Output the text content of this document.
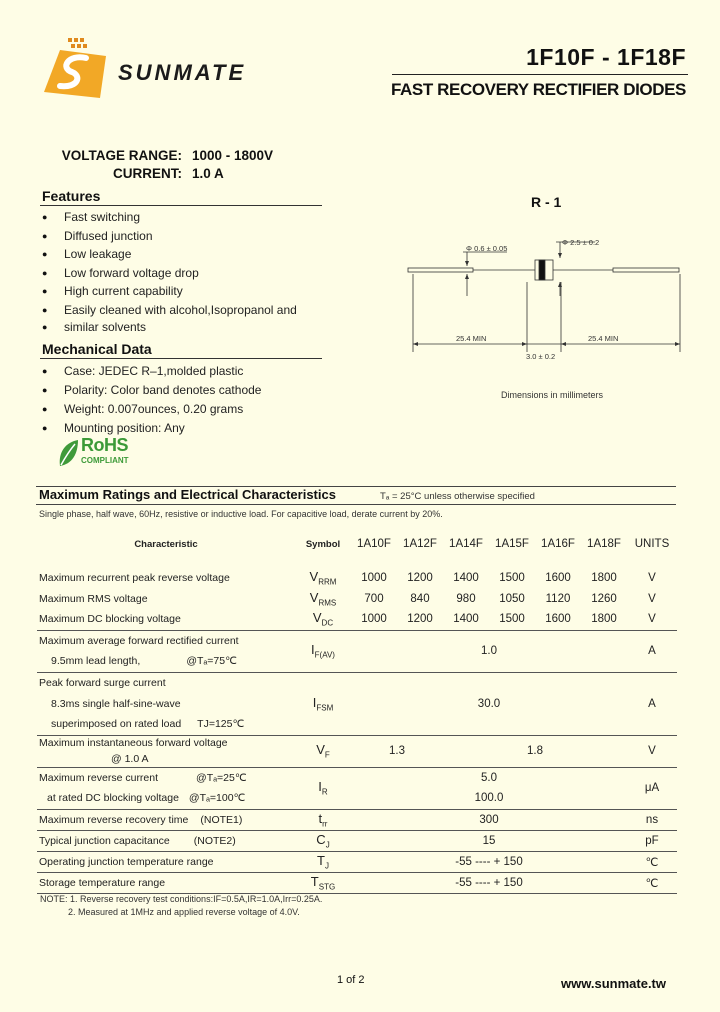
SUNMATE
1F10F - 1F18F
FAST RECOVERY RECTIFIER DIODES
VOLTAGE RANGE: 1000 - 1800V
CURRENT: 1.0 A
Features
● Fast switching
● Diffused junction
● Low leakage
● Low forward voltage drop
● High current capability
● Easily cleaned with alcohol,Isopropanol and
● similar solvents
Mechanical Data
● Case: JEDEC R–1,molded plastic
● Polarity: Color band denotes cathode
● Weight: 0.007ounces, 0.20 grams
● Mounting position: Any
RoHS
COMPLIANT
R - 1
Φ 0.6 ± 0.05
Φ 2.5 ± 0.2
25.4 MIN	25.4 MIN
3.0 ± 0.2
Dimensions in millimeters
Maximum Ratings and Electrical Characteristics	Tₐ = 25°C unless otherwise specified
Single phase, half wave, 60Hz, resistive or inductive load. For capacitive load, derate current by 20%.
Characteristic	Symbol	1A10F	1A12F	1A14F	1A15F	1A16F	1A18F	UNITS

Maximum recurrent peak reverse voltage	$V_{RRM}$	1000	1200	1400	1500	1600	1800	V
Maximum RMS voltage	$V_{RMS}$	700	840	980	1050	1120	1260	V
Maximum DC blocking voltage	$V_{DC}$	1000	1200	1400	1500	1600	1800	V
Maximum average forward rectified current	$I_{F(AV)}$	1.0						A
9.5mm lead length, @Tₐ=75℃								
Peak forward surge current	$I_{FSM}$	30.0						A
8.3ms single half-sine-wave								
superimposed on rated load TJ=125℃								
Maximum instantaneous forward voltage	$V_F$	1.3		1.8				V
@ 1.0 A								
Maximum reverse current @Tₐ=25℃	$I_R$	5.0						μA
at rated DC blocking voltage @Tₐ=100℃		100.0						
Maximum reverse recovery time (NOTE1)	$t_{rr}$	300						ns
Typical junction capacitance (NOTE2)	$C_J$	15						pF
Operating junction temperature range	$T_J$	-55 ---- + 150						℃
Storage temperature range	$T_{STG}$	-55 ---- + 150						℃

NOTE: 1. Reverse recovery test conditions:IF=0.5A,IR=1.0A,Irr=0.25A.
2. Measured at 1MHz and applied reverse voltage of 4.0V.
1 of 2	www.sunmate.tw
